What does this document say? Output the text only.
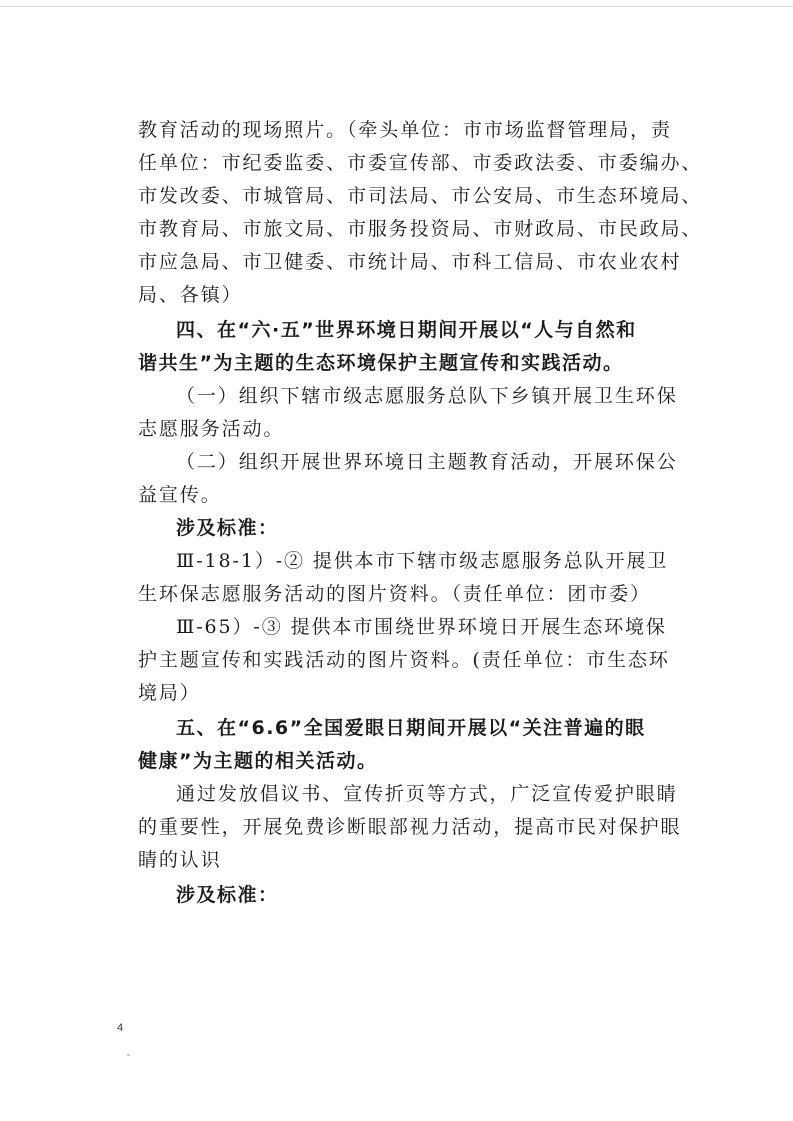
教育活动的现场照片。（牵头单位：市市场监督管理局，责
任单位：市纪委监委、市委宣传部、市委政法委、市委编办、
市发改委、市城管局、市司法局、市公安局、市生态环境局、
市教育局、市旅文局、市服务投资局、市财政局、市民政局、
市应急局、市卫健委、市统计局、市科工信局、市农业农村
局、各镇）
四、在“六·五”世界环境日期间开展以“人与自然和
谐共生”为主题的生态环境保护主题宣传和实践活动。
（一）组织下辖市级志愿服务总队下乡镇开展卫生环保
志愿服务活动。
（二）组织开展世界环境日主题教育活动，开展环保公
益宣传。
涉及标准：
Ⅲ-18-1）-② 提供本市下辖市级志愿服务总队开展卫
生环保志愿服务活动的图片资料。（责任单位：团市委）
Ⅲ-65）-③ 提供本市围绕世界环境日开展生态环境保
护主题宣传和实践活动的图片资料。(责任单位：市生态环
境局）
五、在“6.6”全国爱眼日期间开展以“关注普遍的眼
健康”为主题的相关活动。
通过发放倡议书、宣传折页等方式，广泛宣传爱护眼睛
的重要性，开展免费诊断眼部视力活动，提高市民对保护眼
睛的认识
涉及标准：
4
